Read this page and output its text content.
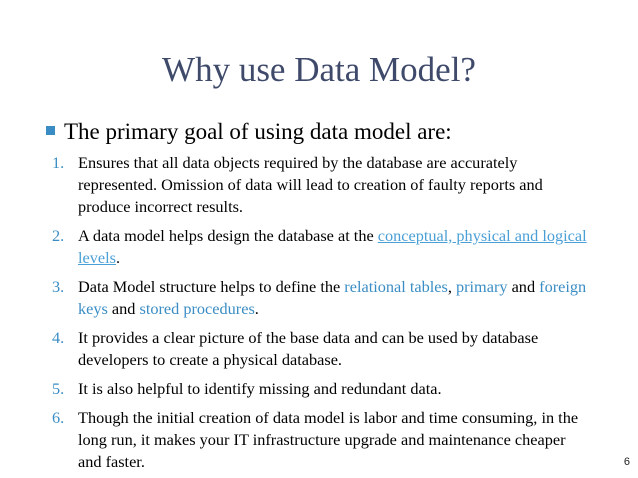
Why use Data Model?
The primary goal of using data model are:
1. Ensures that all data objects required by the database are accurately represented. Omission of data will lead to creation of faulty reports and produce incorrect results.
2. A data model helps design the database at the conceptual, physical and logical levels.
3. Data Model structure helps to define the relational tables, primary and foreign keys and stored procedures.
4. It provides a clear picture of the base data and can be used by database developers to create a physical database.
5. It is also helpful to identify missing and redundant data.
6. Though the initial creation of data model is labor and time consuming, in the long run, it makes your IT infrastructure upgrade and maintenance cheaper and faster.	6
